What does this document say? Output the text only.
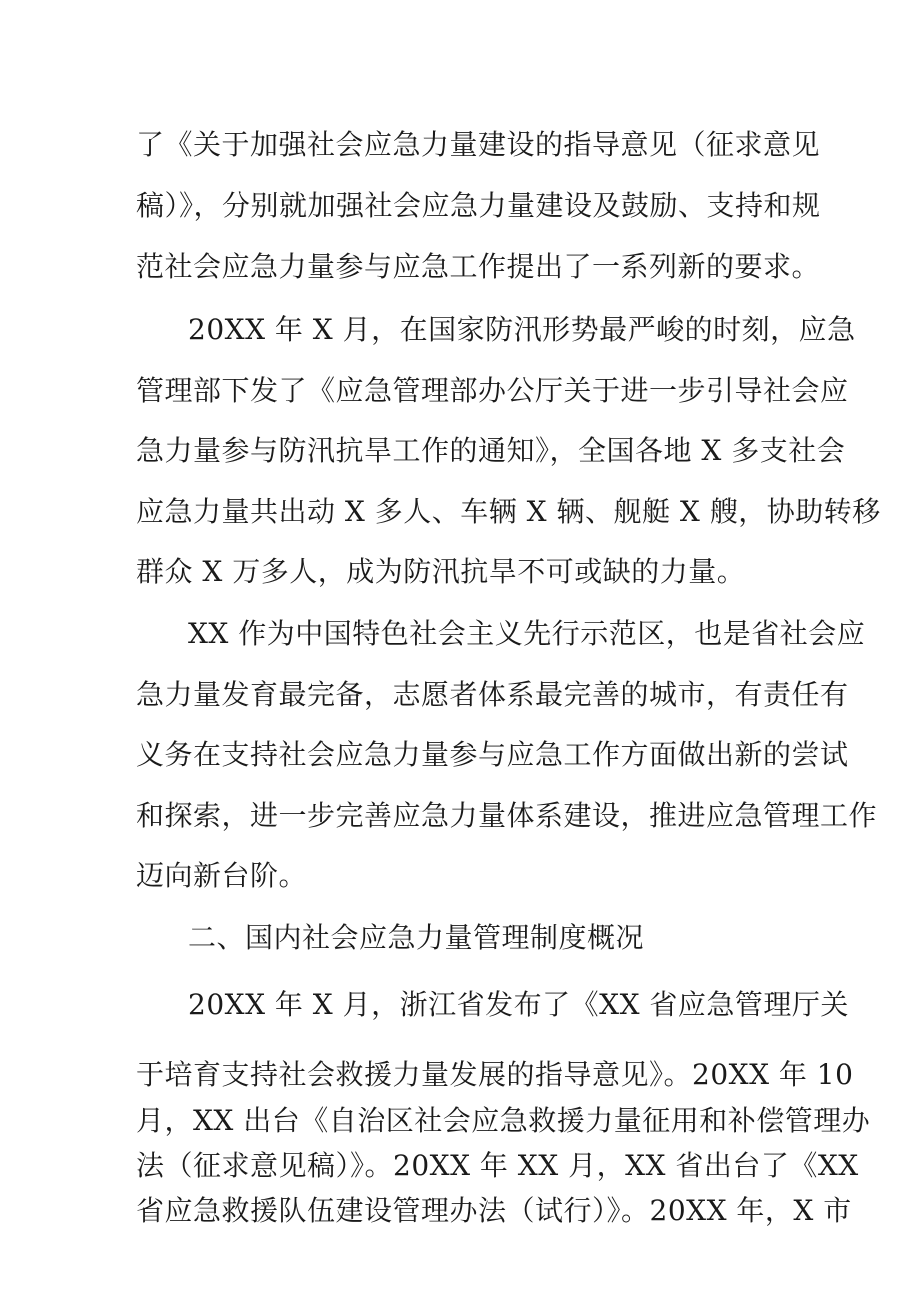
了《关于加强社会应急力量建设的指导意见（征求意见
稿）》，分别就加强社会应急力量建设及鼓励、支持和规
范社会应急力量参与应急工作提出了一系列新的要求。
20XX 年 X 月，在国家防汛形势最严峻的时刻，应急
管理部下发了《应急管理部办公厅关于进一步引导社会应
急力量参与防汛抗旱工作的通知》，全国各地 X 多支社会
应急力量共出动 X 多人、车辆 X 辆、舰艇 X 艘，协助转移
群众 X 万多人，成为防汛抗旱不可或缺的力量。
XX 作为中国特色社会主义先行示范区，也是省社会应
急力量发育最完备，志愿者体系最完善的城市，有责任有
义务在支持社会应急力量参与应急工作方面做出新的尝试
和探索，进一步完善应急力量体系建设，推进应急管理工作
迈向新台阶。
二、国内社会应急力量管理制度概况
20XX 年 X 月，浙江省发布了《XX 省应急管理厅关
于培育支持社会救援力量发展的指导意见》。20XX 年 10
月，XX 出台《自治区社会应急救援力量征用和补偿管理办
法（征求意见稿）》。20XX 年 XX 月，XX 省出台了《XX
省应急救援队伍建设管理办法（试行）》。20XX 年，X 市
